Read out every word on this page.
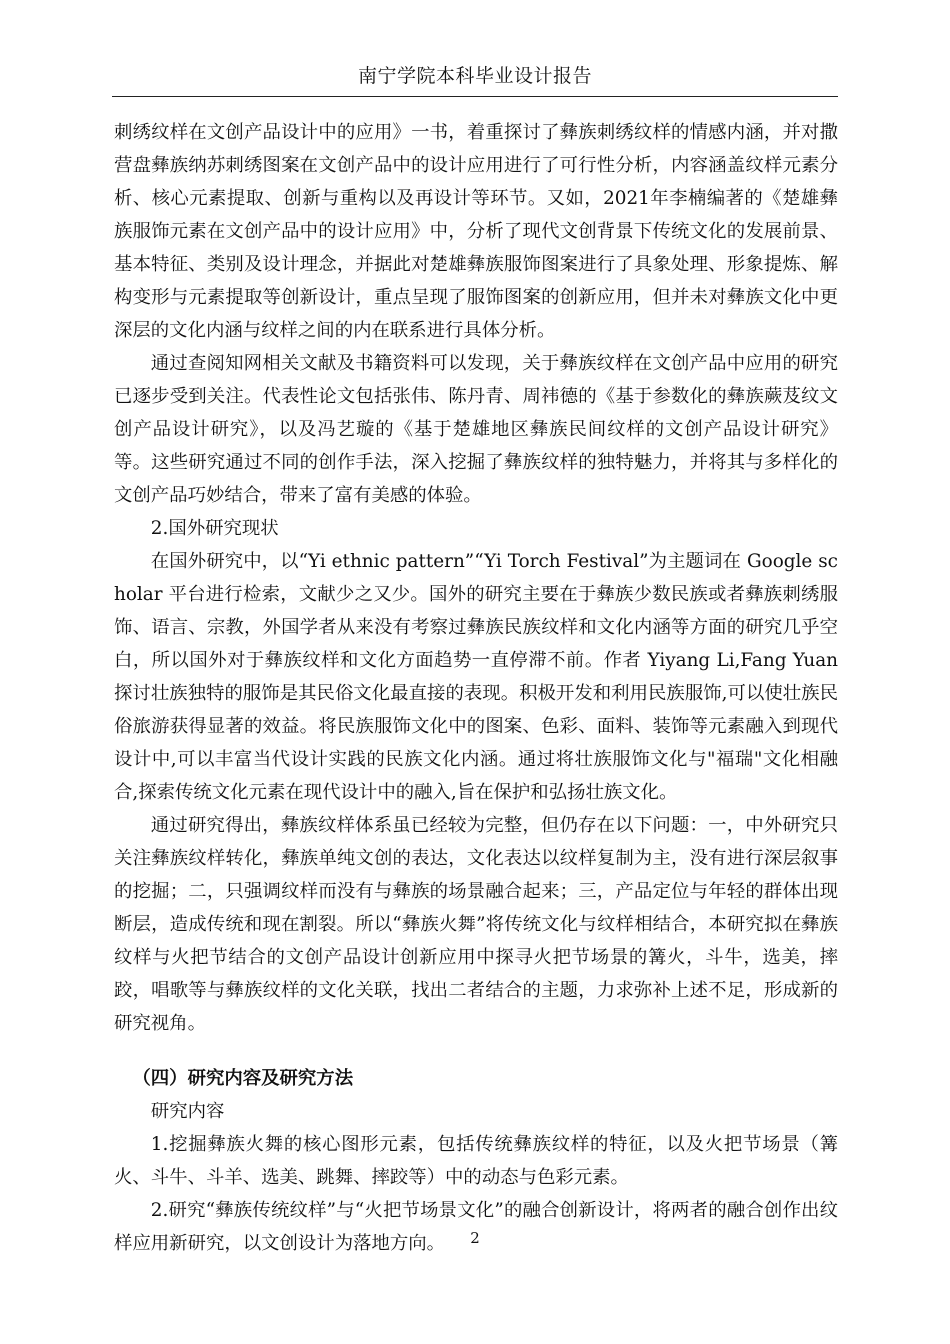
南宁学院本科毕业设计报告

刺绣纹样在文创产品设计中的应用》一书，着重探讨了彝族刺绣纹样的情感内涵，并对撒营盘彝族纳苏刺绣图案在文创产品中的设计应用进行了可行性分析，内容涵盖纹样元素分析、核心元素提取、创新与重构以及再设计等环节。又如，2021年李楠编著的《楚雄彝族服饰元素在文创产品中的设计应用》中，分析了现代文创背景下传统文化的发展前景、基本特征、类别及设计理念，并据此对楚雄彝族服饰图案进行了具象处理、形象提炼、解构变形与元素提取等创新设计，重点呈现了服饰图案的创新应用，但并未对彝族文化中更深层的文化内涵与纹样之间的内在联系进行具体分析。

通过查阅知网相关文献及书籍资料可以发现，关于彝族纹样在文创产品中应用的研究已逐步受到关注。代表性论文包括张伟、陈丹青、周祎德的《基于参数化的彝族蕨芨纹文创产品设计研究》，以及冯艺璇的《基于楚雄地区彝族民间纹样的文创产品设计研究》等。这些研究通过不同的创作手法，深入挖掘了彝族纹样的独特魅力，并将其与多样化的文创产品巧妙结合，带来了富有美感的体验。

2.国外研究现状

在国外研究中，以“Yi ethnic pattern”“Yi Torch Festival”为主题词在 Google scholar 平台进行检索，文献少之又少。国外的研究主要在于彝族少数民族或者彝族刺绣服饰、语言、宗教，外国学者从来没有考察过彝族民族纹样和文化内涵等方面的研究几乎空白，所以国外对于彝族纹样和文化方面趋势一直停滞不前。作者 Yiyang Li,Fang Yuan 探讨壮族独特的服饰是其民俗文化最直接的表现。积极开发和利用民族服饰,可以使壮族民俗旅游获得显著的效益。将民族服饰文化中的图案、色彩、面料、装饰等元素融入到现代设计中,可以丰富当代设计实践的民族文化内涵。通过将壮族服饰文化与"福瑞"文化相融合,探索传统文化元素在现代设计中的融入,旨在保护和弘扬壮族文化。

通过研究得出，彝族纹样体系虽已经较为完整，但仍存在以下问题：一，中外研究只关注彝族纹样转化，彝族单纯文创的表达，文化表达以纹样复制为主，没有进行深层叙事的挖掘；二，只强调纹样而没有与彝族的场景融合起来；三，产品定位与年轻的群体出现断层，造成传统和现在割裂。所以“彝族火舞”将传统文化与纹样相结合，本研究拟在彝族纹样与火把节结合的文创产品设计创新应用中探寻火把节场景的篝火，斗牛，选美，摔跤，唱歌等与彝族纹样的文化关联，找出二者结合的主题，力求弥补上述不足，形成新的研究视角。

（四）研究内容及研究方法

研究内容

1.挖掘彝族火舞的核心图形元素，包括传统彝族纹样的特征，以及火把节场景（篝火、斗牛、斗羊、选美、跳舞、摔跤等）中的动态与色彩元素。

2.研究“彝族传统纹样”与“火把节场景文化”的融合创新设计，将两者的融合创作出纹样应用新研究，以文创设计为落地方向。	2
